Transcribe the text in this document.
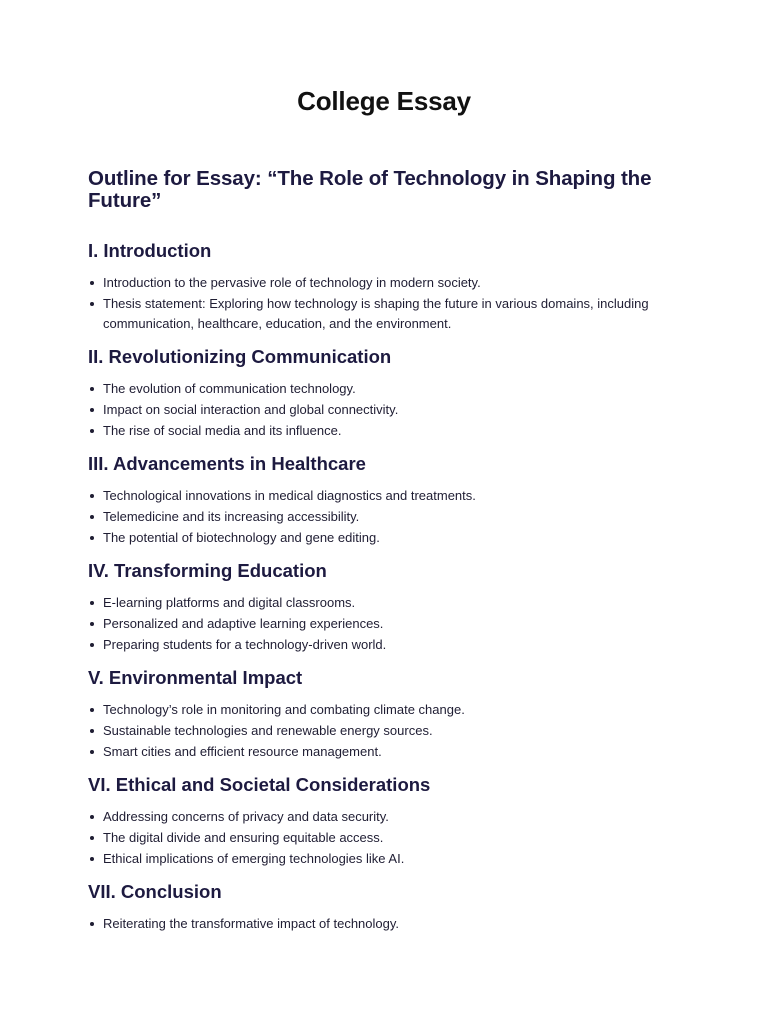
College Essay
Outline for Essay: “The Role of Technology in Shaping the Future”
I. Introduction
Introduction to the pervasive role of technology in modern society.
Thesis statement: Exploring how technology is shaping the future in various domains, including communication, healthcare, education, and the environment.
II. Revolutionizing Communication
The evolution of communication technology.
Impact on social interaction and global connectivity.
The rise of social media and its influence.
III. Advancements in Healthcare
Technological innovations in medical diagnostics and treatments.
Telemedicine and its increasing accessibility.
The potential of biotechnology and gene editing.
IV. Transforming Education
E-learning platforms and digital classrooms.
Personalized and adaptive learning experiences.
Preparing students for a technology-driven world.
V. Environmental Impact
Technology’s role in monitoring and combating climate change.
Sustainable technologies and renewable energy sources.
Smart cities and efficient resource management.
VI. Ethical and Societal Considerations
Addressing concerns of privacy and data security.
The digital divide and ensuring equitable access.
Ethical implications of emerging technologies like AI.
VII. Conclusion
Reiterating the transformative impact of technology.
